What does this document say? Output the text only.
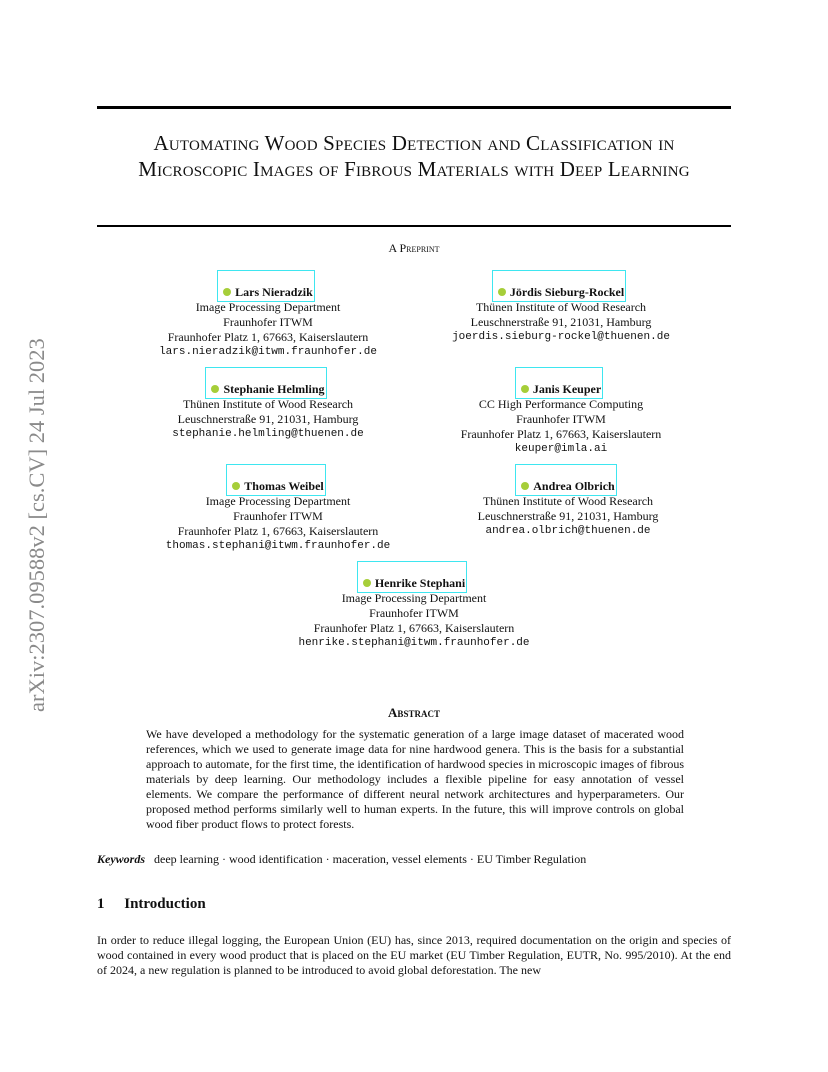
arXiv:2307.09588v2 [cs.CV] 24 Jul 2023
Automating Wood Species Detection and Classification in Microscopic Images of Fibrous Materials with Deep Learning
A Preprint
Lars Nieradzik
Image Processing Department
Fraunhofer ITWM
Fraunhofer Platz 1, 67663, Kaiserslautern
lars.nieradzik@itwm.fraunhofer.de
Jördis Sieburg-Rockel
Thünen Institute of Wood Research
Leuschnerstraße 91, 21031, Hamburg
joerdis.sieburg-rockel@thuenen.de
Stephanie Helmling
Thünen Institute of Wood Research
Leuschnerstraße 91, 21031, Hamburg
stephanie.helmling@thuenen.de
Janis Keuper
CC High Performance Computing
Fraunhofer ITWM
Fraunhofer Platz 1, 67663, Kaiserslautern
keuper@imla.ai
Thomas Weibel
Image Processing Department
Fraunhofer ITWM
Fraunhofer Platz 1, 67663, Kaiserslautern
thomas.stephani@itwm.fraunhofer.de
Andrea Olbrich
Thünen Institute of Wood Research
Leuschnerstraße 91, 21031, Hamburg
andrea.olbrich@thuenen.de
Henrike Stephani
Image Processing Department
Fraunhofer ITWM
Fraunhofer Platz 1, 67663, Kaiserslautern
henrike.stephani@itwm.fraunhofer.de
Abstract
We have developed a methodology for the systematic generation of a large image dataset of macerated wood references, which we used to generate image data for nine hardwood genera. This is the basis for a substantial approach to automate, for the first time, the identification of hardwood species in microscopic images of fibrous materials by deep learning. Our methodology includes a flexible pipeline for easy annotation of vessel elements. We compare the performance of different neural network architectures and hyperparameters. Our proposed method performs similarly well to human experts. In the future, this will improve controls on global wood fiber product flows to protect forests.
Keywords deep learning · wood identification · maceration, vessel elements · EU Timber Regulation
1 Introduction
In order to reduce illegal logging, the European Union (EU) has, since 2013, required documentation on the origin and species of wood contained in every wood product that is placed on the EU market (EU Timber Regulation, EUTR, No. 995/2010). At the end of 2024, a new regulation is planned to be introduced to avoid global deforestation. The new
